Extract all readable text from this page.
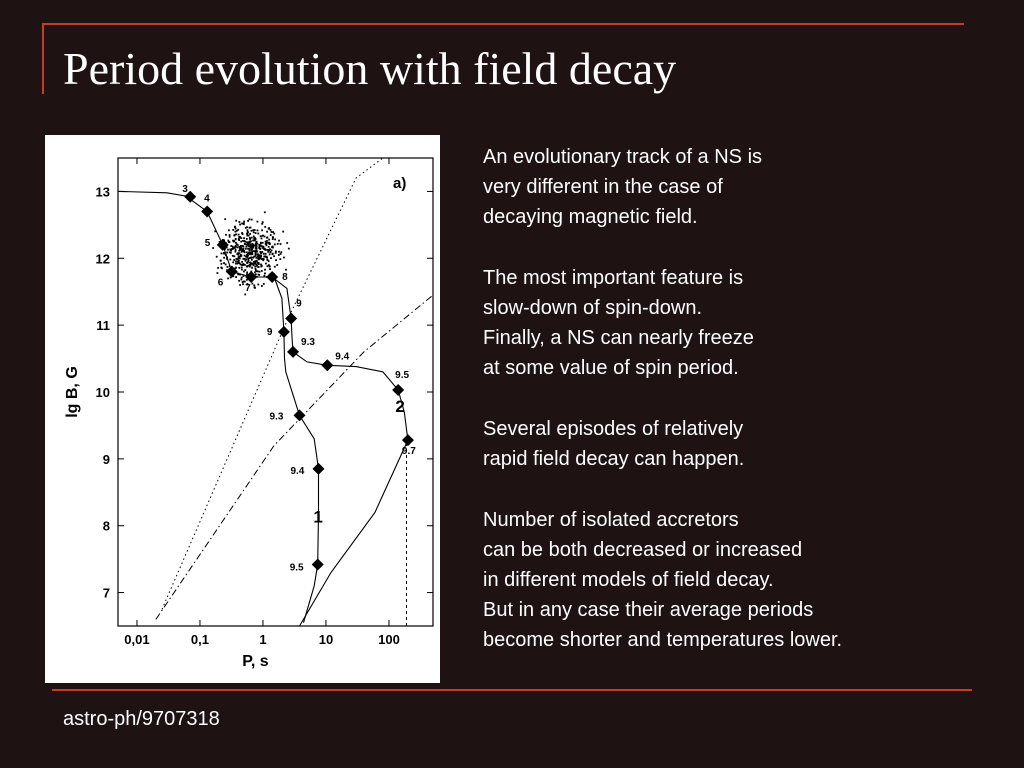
Period evolution with field decay
0,01	0,1	1	10	100
7
8
9
10
11
12
13
P, s
lg B, G
a)
3
4
5
6 7
8
9
9
9.3
9.4
9.5
9.7
9.3
9.4
9.5
1
2

An evolutionary track of a NS is
very different in the case of
decaying magnetic field.

The most important feature is
slow-down of spin-down.
Finally, a NS can nearly freeze
at some value of spin period.

Several episodes of relatively
rapid field decay can happen.

Number of isolated accretors
can be both decreased or increased
in different models of field decay.
But in any case their average periods
become shorter and temperatures lower.

astro-ph/9707318
